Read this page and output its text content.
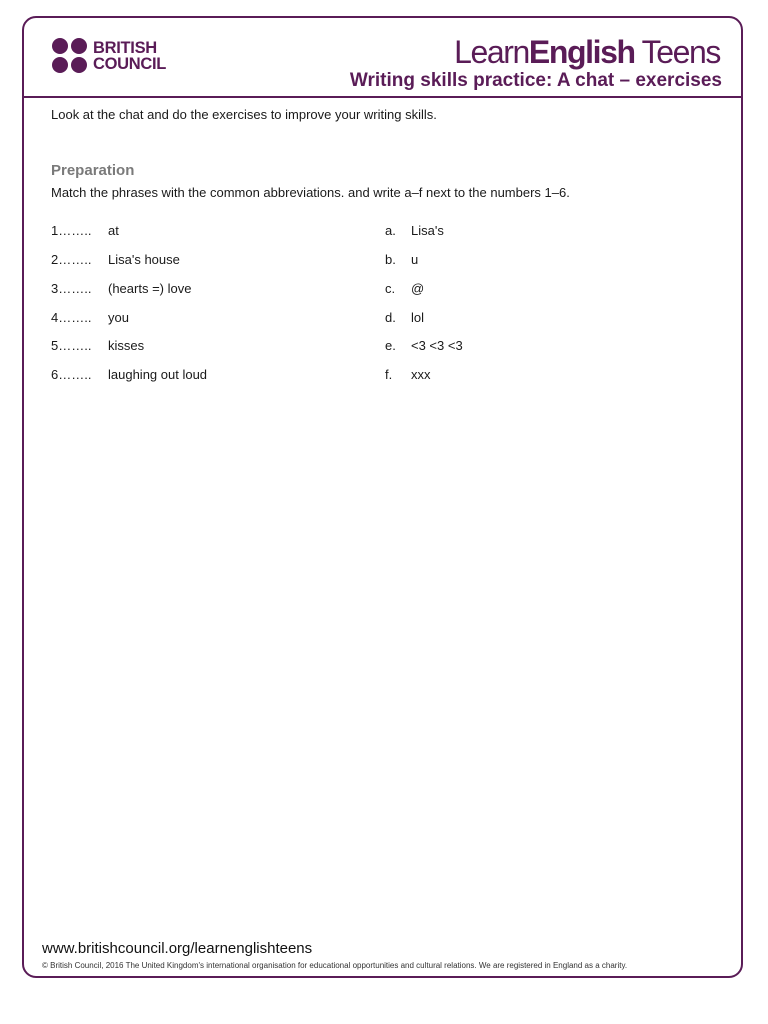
BRITISH
COUNCIL	LearnEnglish Teens
Writing skills practice: A chat – exercises
Look at the chat and do the exercises to improve your writing skills.
Preparation
Match the phrases with the common abbreviations. and write a–f next to the numbers 1–6.
1…….. at	a. Lisa's
2…….. Lisa's house	b. u
3…….. (hearts =) love	c. @
4…….. you	d. lol
5…….. kisses	e. <3 <3 <3
6…….. laughing out loud	f. xxx
www.britishcouncil.org/learnenglishteens
© British Council, 2016 The United Kingdom's international organisation for educational opportunities and cultural relations. We are registered in England as a charity.
